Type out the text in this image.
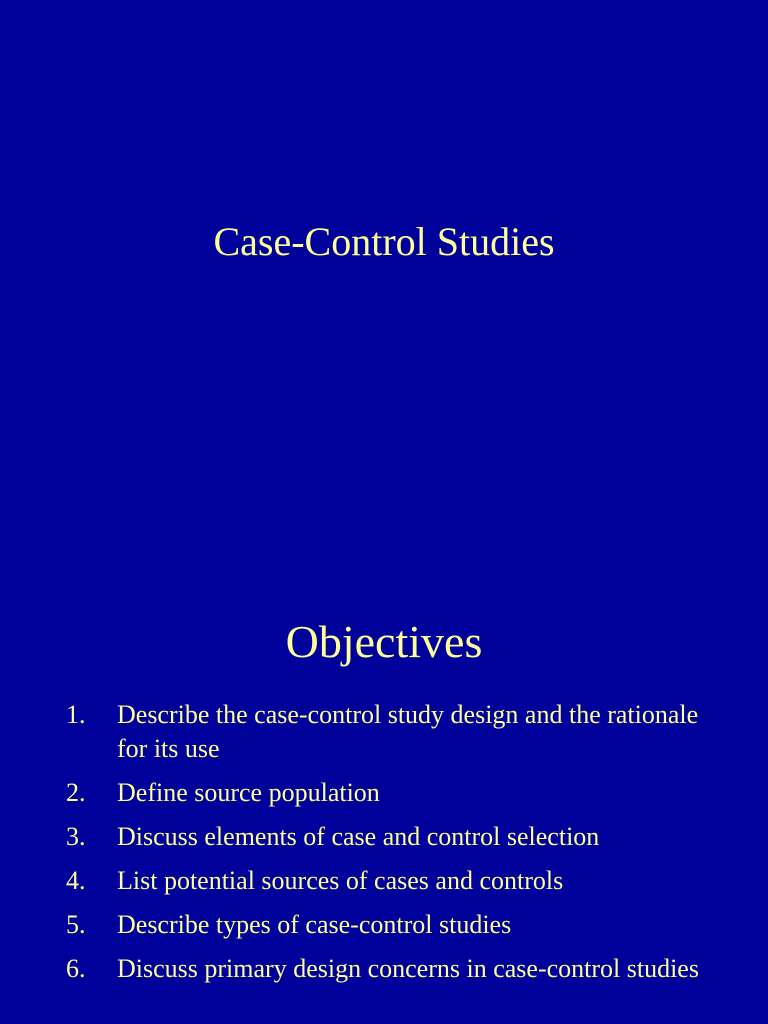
Case-Control Studies
Objectives
1. Describe the case-control study design and the rationale for its use
2. Define source population
3. Discuss elements of case and control selection
4. List potential sources of cases and controls
5. Describe types of case-control studies
6. Discuss primary design concerns in case-control studies
